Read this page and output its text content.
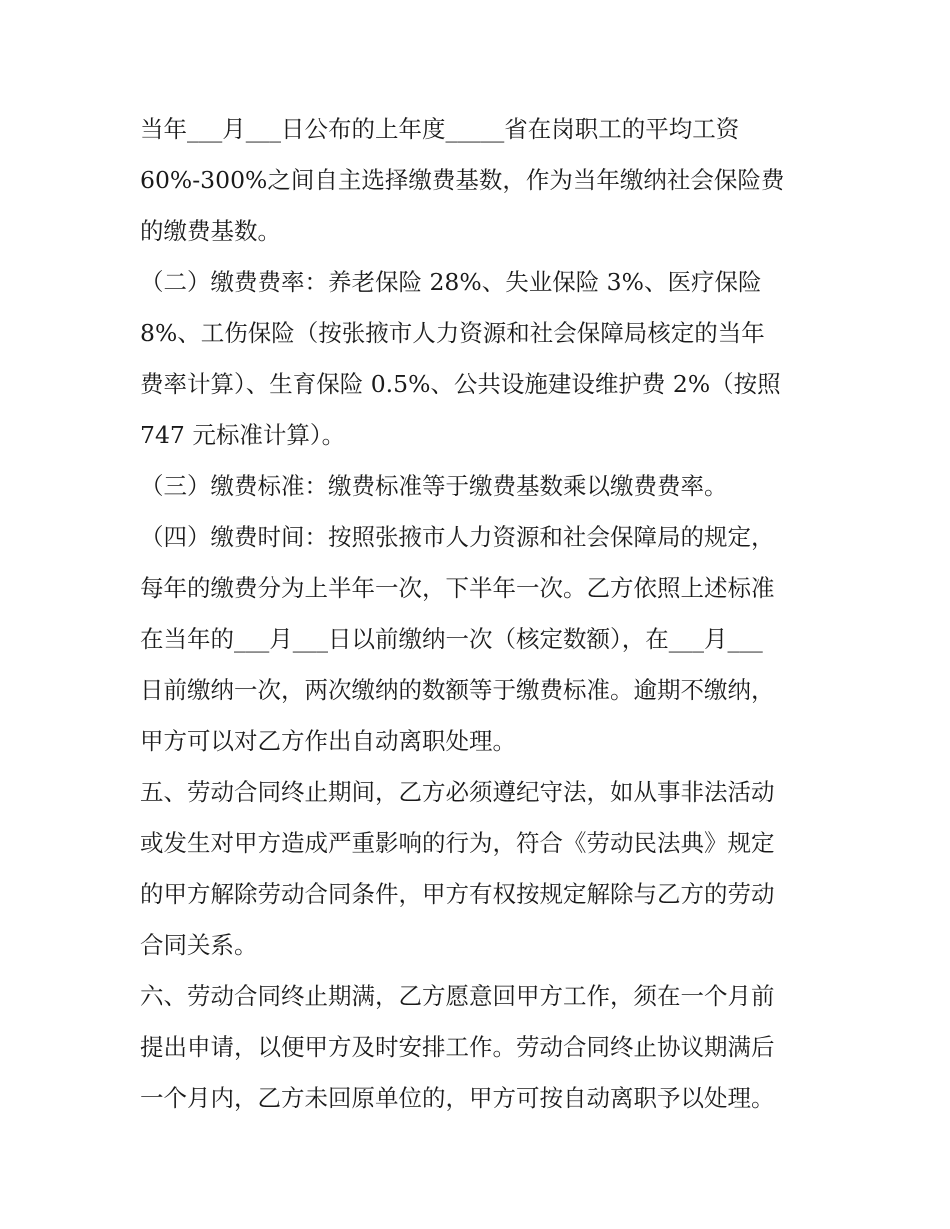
当年___月___日公布的上年度_____省在岗职工的平均工资
60%-300%之间自主选择缴费基数，作为当年缴纳社会保险费
的缴费基数。
（二）缴费费率：养老保险 28%、失业保险 3%、医疗保险
8%、工伤保险（按张掖市人力资源和社会保障局核定的当年
费率计算）、生育保险 0.5%、公共设施建设维护费 2%（按照
747 元标准计算）。
（三）缴费标准：缴费标准等于缴费基数乘以缴费费率。
（四）缴费时间：按照张掖市人力资源和社会保障局的规定，
每年的缴费分为上半年一次，下半年一次。乙方依照上述标准
在当年的___月___日以前缴纳一次（核定数额），在___月___
日前缴纳一次，两次缴纳的数额等于缴费标准。逾期不缴纳，
甲方可以对乙方作出自动离职处理。
五、劳动合同终止期间，乙方必须遵纪守法，如从事非法活动
或发生对甲方造成严重影响的行为，符合《劳动民法典》规定
的甲方解除劳动合同条件，甲方有权按规定解除与乙方的劳动
合同关系。
六、劳动合同终止期满，乙方愿意回甲方工作，须在一个月前
提出申请，以便甲方及时安排工作。劳动合同终止协议期满后
一个月内，乙方未回原单位的，甲方可按自动离职予以处理。
